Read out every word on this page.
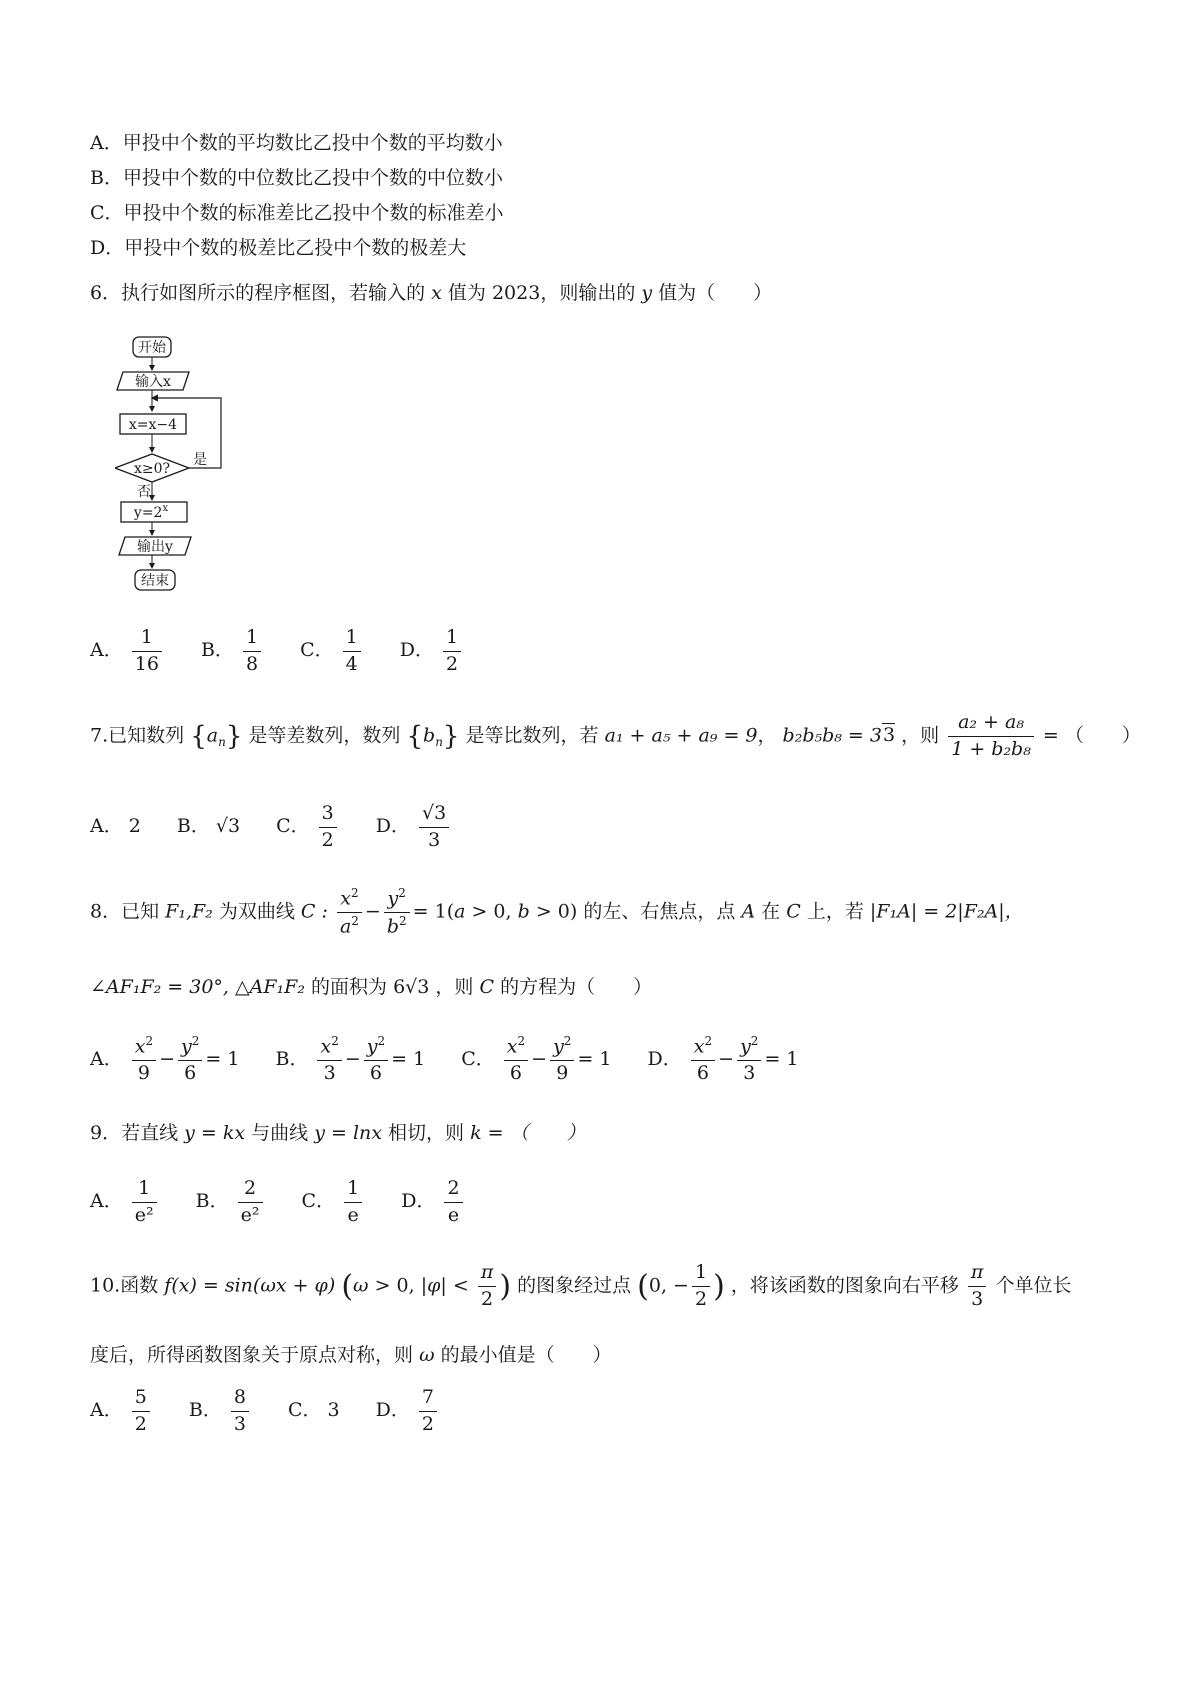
A．甲投中个数的平均数比乙投中个数的平均数小
B．甲投中个数的中位数比乙投中个数的中位数小
C．甲投中个数的标准差比乙投中个数的标准差小
D．甲投中个数的极差比乙投中个数的极差大
6．执行如图所示的程序框图，若输入的 x 值为 2023，则输出的 y 值为（　　）
开始
输入x
x=x−4
x≥0?
是
否
$y=2^x$
输出y
结束
A． $\frac{1}{16}$ B． $\frac{1}{8}$ C． $\frac{1}{4}$ D． $\frac{1}{2}$
7.已知数列 $\{a_n\}$ 是等差数列，数列 $\{b_n\}$ 是等比数列，若 a₁ + a₅ + a₉ = 9， b₂b₅b₈ = 33 ，则 $\frac{\text{a₂ + a₈}}{\text{1 + b₂b₈}}$ = （　　）
A． 2 B． √3 C． $\frac{3}{2}$ D． $\frac{√3}{3}$
8．已知 F₁,F₂ 为双曲线 C : $\frac{x^2}{a^2} - \frac{y^2}{b^2} = 1(a > 0$, b > 0) 的左、右焦点，点 A 在 C 上，若 |F₁A| = 2|F₂A|，
∠AF₁F₂ = 30°, △AF₁F₂ 的面积为 6√3 ，则 C 的方程为（　　）
A． $\frac{x^2}{9} - \frac{y^2}{6} = 1$ B． $\frac{x^2}{3} - \frac{y^2}{6} = 1$ C． $\frac{x^2}{6} - \frac{y^2}{9} = 1$ D． $\frac{x^2}{6} - \frac{y^2}{3} = 1$
9．若直线 y = kx 与曲线 y = lnx 相切，则 k = （　　）
A． $\frac{1}{\text{e²}}$ B． $\frac{2}{\text{e²}}$ C． $\frac{1}{e}$ D． $\frac{2}{e}$
10.函数 f(x) = sin(ωx + φ) (ω > 0, $|\varphi| < \frac{\pi}{2}$ ) 的图象经过点 (0, − $\frac{1}{2}$ ) ，将该函数的图象向右平移 $\frac{\pi}{3}$ 个单位长
度后，所得函数图象关于原点对称，则 ω 的最小值是（　　）
A． $\frac{5}{2}$ B． $\frac{8}{3}$ C． 3 D． $\frac{7}{2}$
